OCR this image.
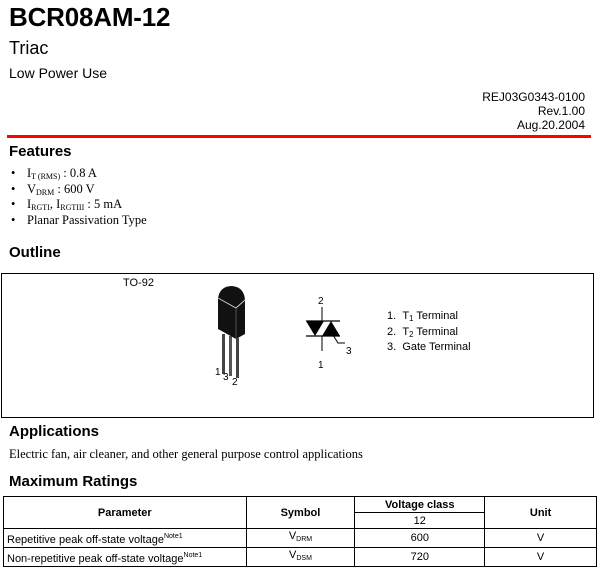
BCR08AM-12
Triac
Low Power Use
REJ03G0343-0100
Rev.1.00
Aug.20.2004
Features
• $I_{T (RMS)}$ : 0.8 A
• $V_{DRM}$ : 600 V
• $I_{RGTI}$, $I_{RGTIII}$ : 5 mA
• Planar Passivation Type
Outline
TO-92
1 3 2
2
3
1
1. $T_1$ Terminal
2. $T_2$ Terminal
3. Gate Terminal
Applications
Electric fan, air cleaner, and other general purpose control applications
Maximum Ratings
Parameter	Symbol	Voltage class	Unit
		12	
Repetitive peak off-state voltage$^{Note1}$	$V_{DRM}$	600	V
Non-repetitive peak off-state voltage$^{Note1}$	$V_{DSM}$	720	V
